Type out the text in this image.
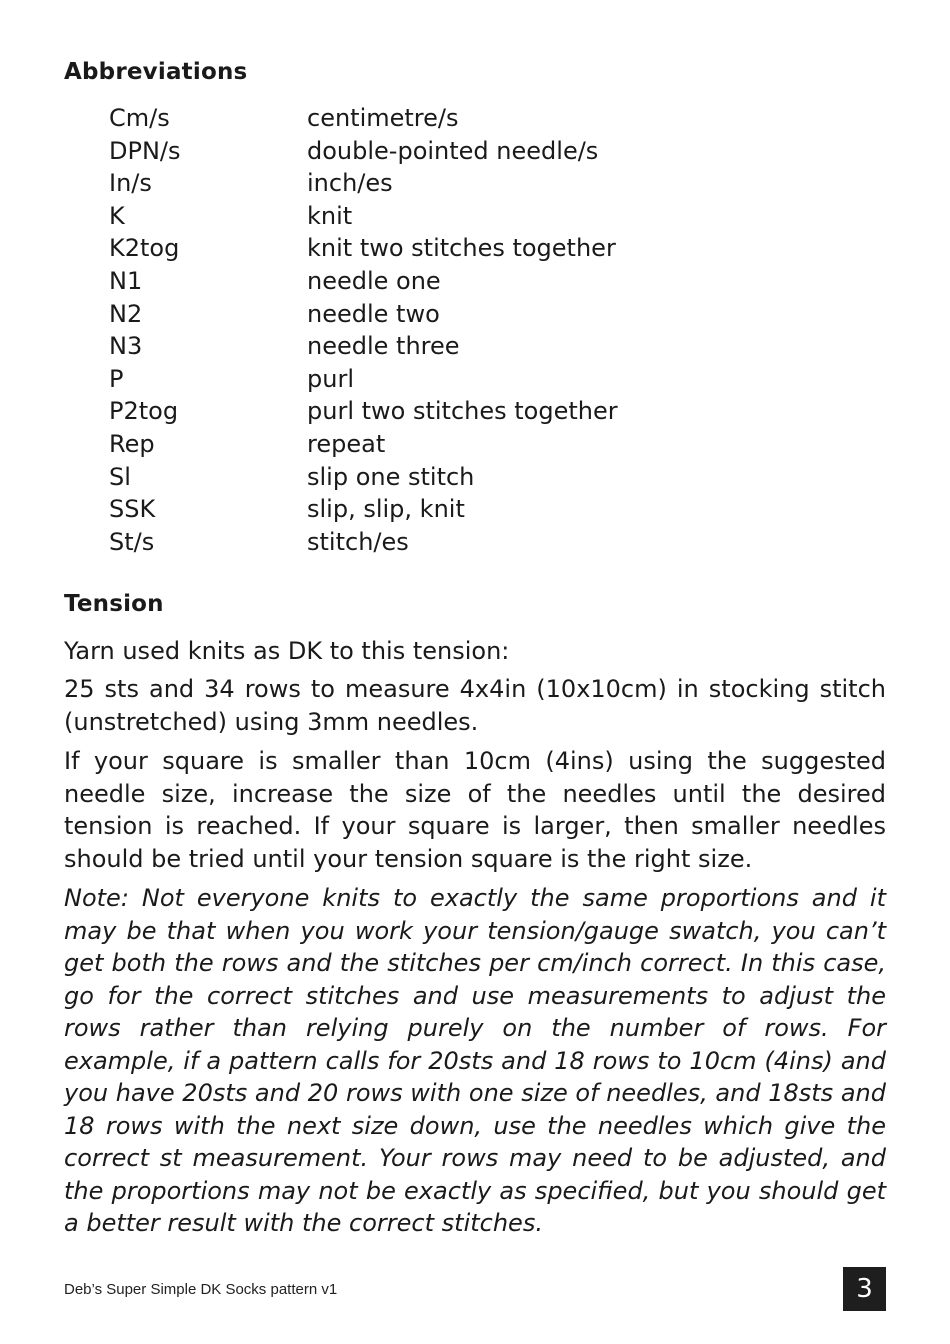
Abbreviations
Cm/s	centimetre/s
DPN/s	double-pointed needle/s
In/s	inch/es
K	knit
K2tog	knit two stitches together
N1	needle one
N2	needle two
N3	needle three
P	purl
P2tog	purl two stitches together
Rep	repeat
Sl	slip one stitch
SSK	slip, slip, knit
St/s	stitch/es
Tension

Yarn used knits as DK to this tension:

25 sts and 34 rows to measure 4x4in (10x10cm) in stocking stitch (unstretched) using 3mm needles.

If your square is smaller than 10cm (4ins) using the suggested needle size, increase the size of the needles until the desired tension is reached. If your square is larger, then smaller needles should be tried until your tension square is the right size.

Note: Not everyone knits to exactly the same proportions and it may be that when you work your tension/gauge swatch, you can’t get both the rows and the stitches per cm/inch correct. In this case, go for the correct stitches and use measurements to adjust the rows rather than relying purely on the number of rows. For example, if a pattern calls for 20sts and 18 rows to 10cm (4ins) and you have 20sts and 20 rows with one size of needles, and 18sts and 18 rows with the next size down, use the needles which give the correct st measurement. Your rows may need to be adjusted, and the proportions may not be exactly as specified, but you should get a better result with the correct stitches.

Deb’s Super Simple DK Socks pattern v1	3
